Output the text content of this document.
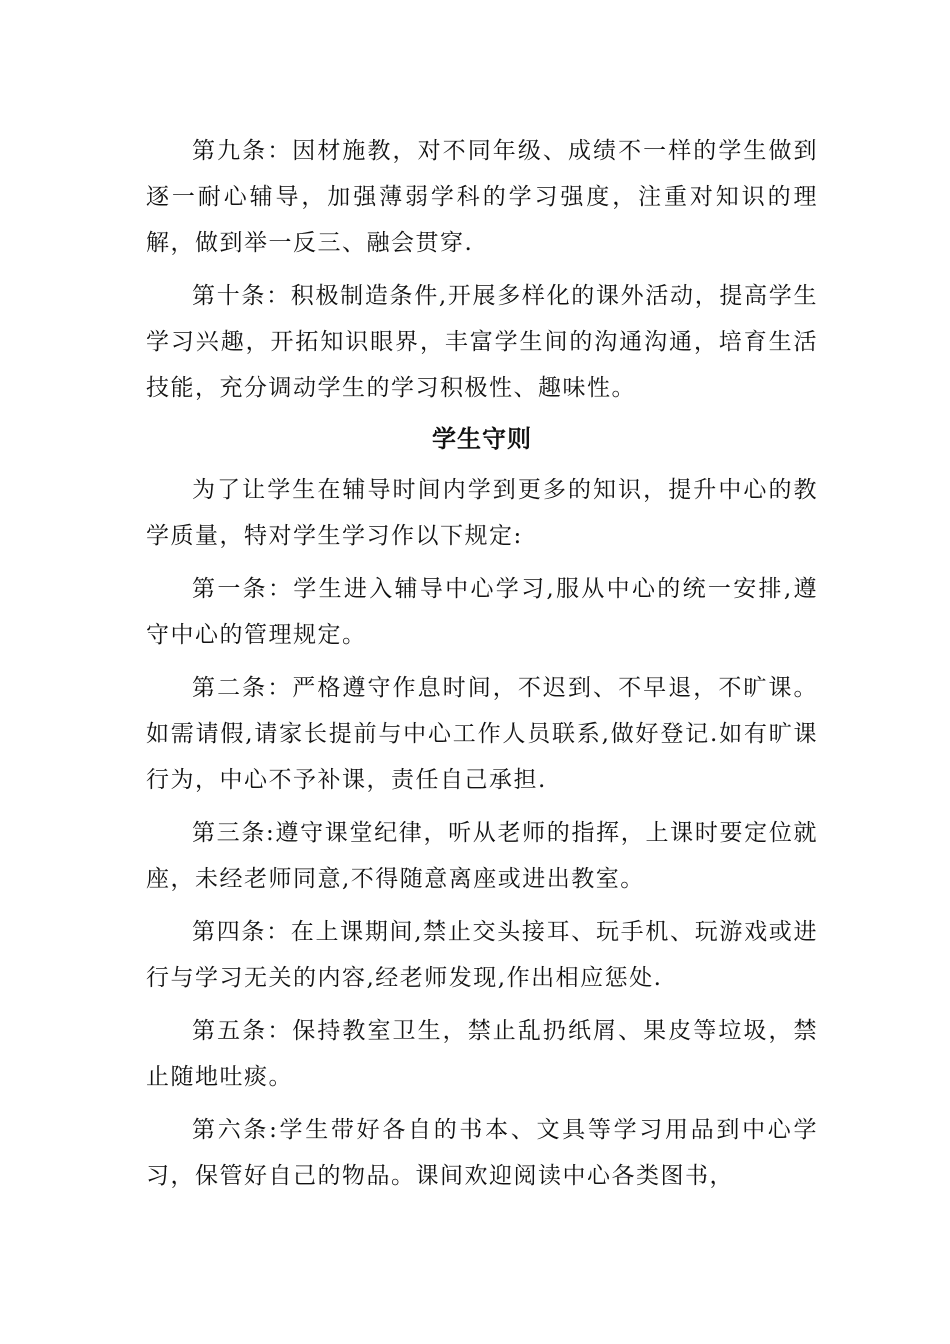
第九条：因材施教，对不同年级、成绩不一样的学生做到逐一耐心辅导，加强薄弱学科的学习强度，注重对知识的理解，做到举一反三、融会贯穿.

第十条：积极制造条件,开展多样化的课外活动，提高学生学习兴趣，开拓知识眼界，丰富学生间的沟通沟通，培育生活技能，充分调动学生的学习积极性、趣味性。

学生守则

为了让学生在辅导时间内学到更多的知识，提升中心的教学质量，特对学生学习作以下规定:

第一条：学生进入辅导中心学习,服从中心的统一安排,遵守中心的管理规定。

第二条：严格遵守作息时间，不迟到、不早退，不旷课。如需请假,请家长提前与中心工作人员联系,做好登记.如有旷课行为，中心不予补课，责任自己承担.

第三条:遵守课堂纪律，听从老师的指挥，上课时要定位就座，未经老师同意,不得随意离座或进出教室。

第四条：在上课期间,禁止交头接耳、玩手机、玩游戏或进行与学习无关的内容,经老师发现,作出相应惩处.

第五条：保持教室卫生，禁止乱扔纸屑、果皮等垃圾，禁止随地吐痰。

第六条:学生带好各自的书本、文具等学习用品到中心学习，保管好自己的物品。课间欢迎阅读中心各类图书，
